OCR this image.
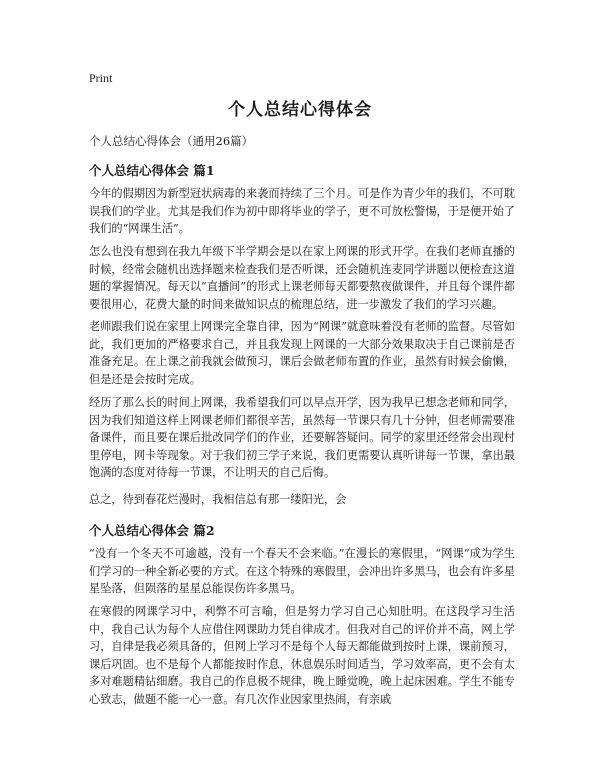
Print
个人总结心得体会
个人总结心得体会（通用26篇）
个人总结心得体会 篇1
今年的假期因为新型冠状病毒的来袭而持续了三个月。可是作为青少年的我们，不可耽误我们的学业。尤其是我们作为初中即将毕业的学子，更不可放松警惕，于是便开始了我们的“网课生活”。
怎么也没有想到在我九年级下半学期会是以在家上网课的形式开学。在我们老师直播的时候，经常会随机出选择题来检查我们是否听课，还会随机连麦同学讲题以便检查这道题的掌握情况。每天以“直播间”的形式上课老师每天都要熬夜做课件，并且每个课件都要很用心，花费大量的时间来做知识点的梳理总结，进一步激发了我们的学习兴趣。
老师跟我们说在家里上网课完全靠自律，因为“网课”就意味着没有老师的监督。尽管如此，我们更加的严格要求自己，并且我发现上网课的一大部分效果取决于自己课前是否准备充足。在上课之前我就会做预习，课后会做老师布置的作业，虽然有时候会偷懒，但是还是会按时完成。
经历了那么长的时间上网课，我希望我们可以早点开学，因为我早已想念老师和同学，因为我们知道这样上网课老师们都很辛苦，虽然每一节课只有几十分钟，但老师需要准备课件，而且要在课后批改同学们的作业，还要解答疑问。同学的家里还经常会出现村里停电，网卡等现象。对于我们初三学子来说，我们更需要认真听讲每一节课，拿出最饱满的态度对待每一节课，不让明天的自己后悔。
总之，待到春花烂漫时，我相信总有那一缕阳光，会
个人总结心得体会 篇2
“没有一个冬天不可逾越，没有一个春天不会来临。”在漫长的寒假里，“网课”成为学生们学习的一种全新必要的方式。在这个特殊的寒假里，会冲出许多黑马，也会有许多星星坠落，但陨落的星星总能误伤许多黑马。
在寒假的网课学习中，利弊不可言喻，但是努力学习自己心知肚明。在这段学习生活中，我自己认为每个人应借住网课助力凭自律成才。但我对自己的评价并不高，网上学习，自律是我必须具备的，但网上学习不是每个人每天都能做到按时上课，课前预习，课后巩固。也不是每个人都能按时作息，休息娱乐时间适当，学习效率高，更不会有太多对难题精钻细磨。我自己的作息极不规律，晚上睡觉晚，晚上起床困难。学生不能专心致志，做题不能一心一意。有几次作业因家里热闹，有亲戚
